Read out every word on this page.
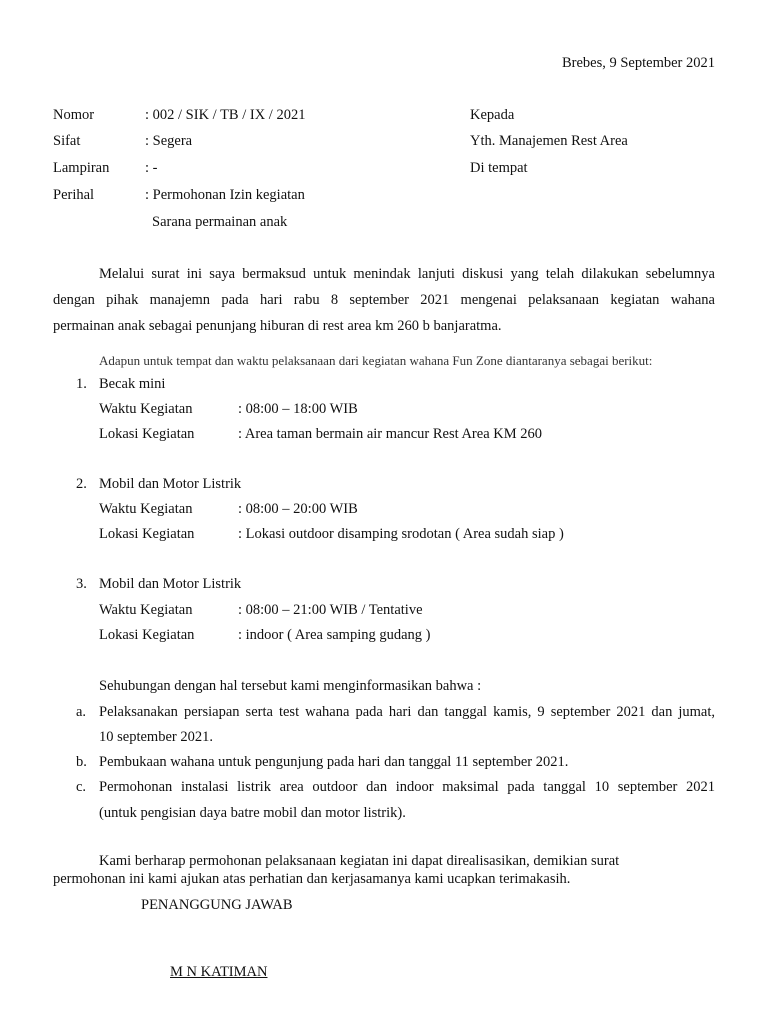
Brebes, 9 September 2021
Nomor	: 002 / SIK / TB / IX / 2021
Sifat	: Segera
Lampiran : -
Perihal	: Permohonan Izin kegiatan
Sarana permainan anak
Kepada
Yth. Manajemen Rest Area
Di tempat
Melalui surat ini saya bermaksud untuk menindak lanjuti diskusi yang telah dilakukan sebelumnya
dengan pihak manajemn pada hari rabu 8 september 2021 mengenai pelaksanaan kegiatan wahana
permainan anak sebagai penunjang hiburan di rest area km 260 b banjaratma.
Adapun untuk tempat dan waktu pelaksanaan dari kegiatan wahana Fun Zone diantaranya sebagai berikut:
1. Becak mini
Waktu Kegiatan	: 08:00 – 18:00 WIB
Lokasi Kegiatan	: Area taman bermain air mancur Rest Area KM 260
2. Mobil dan Motor Listrik
Waktu Kegiatan	: 08:00 – 20:00 WIB
Lokasi Kegiatan	: Lokasi outdoor disamping srodotan ( Area sudah siap )
3. Mobil dan Motor Listrik
Waktu Kegiatan	: 08:00 – 21:00 WIB / Tentative
Lokasi Kegiatan	: indoor ( Area samping gudang )
Sehubungan dengan hal tersebut kami menginformasikan bahwa :
a. Pelaksanakan persiapan serta test wahana pada hari dan tanggal kamis, 9 september 2021 dan jumat,
10 september 2021.
b. Pembukaan wahana untuk pengunjung pada hari dan tanggal 11 september 2021.
c. Permohonan instalasi listrik area outdoor dan indoor maksimal pada tanggal 10 september 2021
(untuk pengisian daya batre mobil dan motor listrik).
Kami berharap permohonan pelaksanaan kegiatan ini dapat direalisasikan, demikian surat
permohonan ini kami ajukan atas perhatian dan kerjasamanya kami ucapkan terimakasih.
PENANGGUNG JAWAB
M N KATIMAN
